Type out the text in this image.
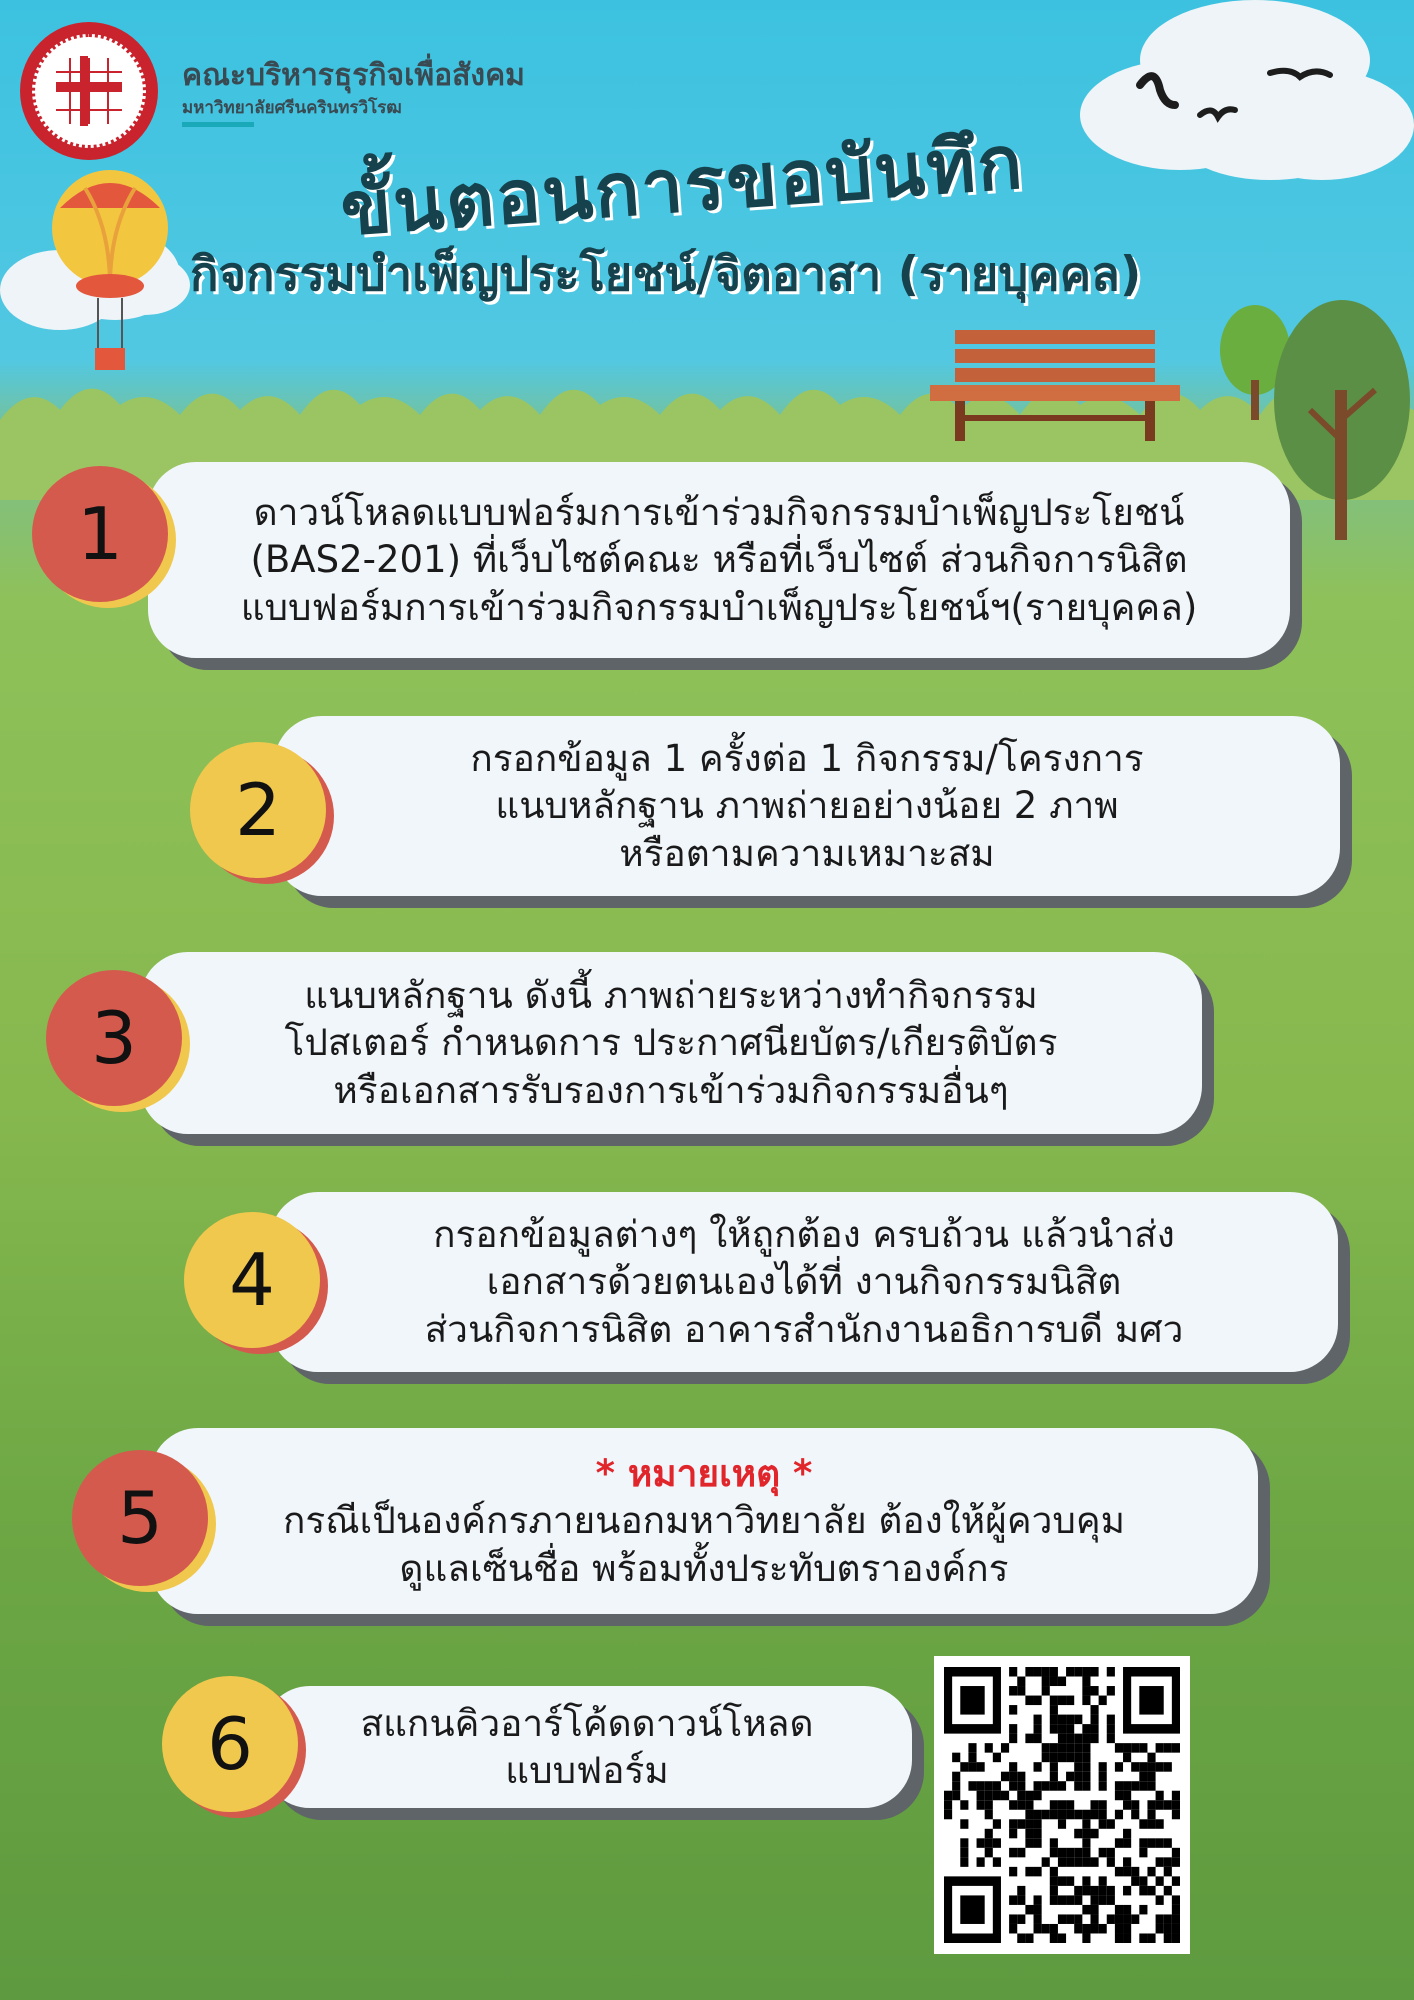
คณะบริหารธุรกิจเพื่อสังคม
มหาวิทยาลัยศรีนครินทรวิโรฒ
ขั้นตอนการขอบันทึก
กิจกรรมบำเพ็ญประโยชน์/จิตอาสา (รายบุคคล)
ดาวน์โหลดแบบฟอร์มการเข้าร่วมกิจกรรมบำเพ็ญประโยชน์
(BAS2-201) ที่เว็บไซต์คณะ หรือที่เว็บไซต์ ส่วนกิจการนิสิต
แบบฟอร์มการเข้าร่วมกิจกรรมบำเพ็ญประโยชน์ฯ(รายบุคคล)
1
กรอกข้อมูล 1 ครั้งต่อ 1 กิจกรรม/โครงการ
แนบหลักฐาน ภาพถ่ายอย่างน้อย 2 ภาพ
หรือตามความเหมาะสม
2
แนบหลักฐาน ดังนี้ ภาพถ่ายระหว่างทำกิจกรรม
โปสเตอร์ กำหนดการ ประกาศนียบัตร/เกียรติบัตร
หรือเอกสารรับรองการเข้าร่วมกิจกรรมอื่นๆ
3
กรอกข้อมูลต่างๆ ให้ถูกต้อง ครบถ้วน แล้วนำส่ง
เอกสารด้วยตนเองได้ที่ งานกิจกรรมนิสิต
ส่วนกิจการนิสิต อาคารสำนักงานอธิการบดี มศว
4
* หมายเหตุ *
กรณีเป็นองค์กรภายนอกมหาวิทยาลัย ต้องให้ผู้ควบคุม
ดูแลเซ็นชื่อ พร้อมทั้งประทับตราองค์กร
5
สแกนคิวอาร์โค้ดดาวน์โหลด
แบบฟอร์ม
6
